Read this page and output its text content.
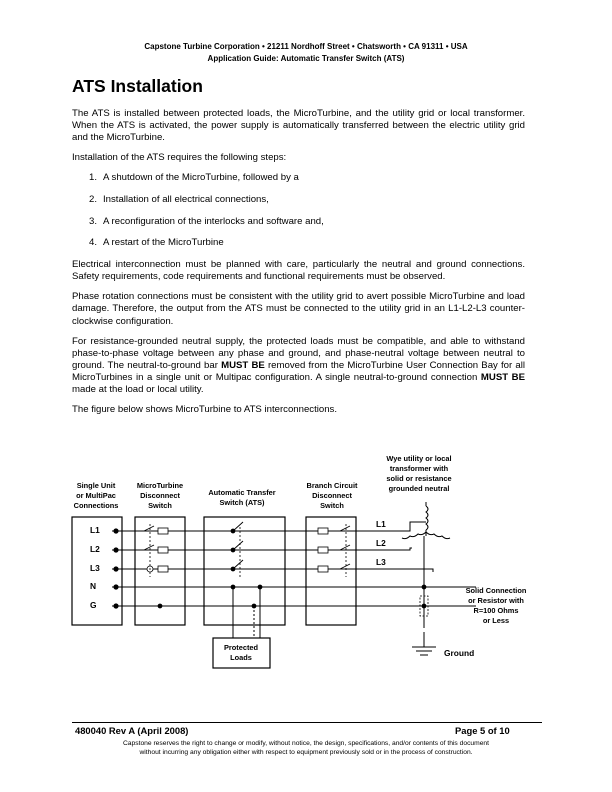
Capstone Turbine Corporation • 21211 Nordhoff Street • Chatsworth • CA 91311 • USA
Application Guide: Automatic Transfer Switch (ATS)
ATS Installation

The ATS is installed between protected loads, the MicroTurbine, and the utility grid or local transformer. When the ATS is activated, the power supply is automatically transferred between the electric utility grid and the MicroTurbine.

Installation of the ATS requires the following steps:

1. A shutdown of the MicroTurbine, followed by a
2. Installation of all electrical connections,
3. A reconfiguration of the interlocks and software and,
4. A restart of the MicroTurbine

Electrical interconnection must be planned with care, particularly the neutral and ground connections. Safety requirements, code requirements and functional requirements must be observed.

Phase rotation connections must be consistent with the utility grid to avert possible MicroTurbine and load damage. Therefore, the output from the ATS must be connected to the utility grid in an L1-L2-L3 counter-clockwise configuration.

For resistance-grounded neutral supply, the protected loads must be compatible, and able to withstand phase-to-phase voltage between any phase and ground, and phase-neutral voltage between neutral to ground. The neutral-to-ground bar MUST BE removed from the MicroTurbine User Connection Bay for all MicroTurbines in a single unit or Multipac configuration. A single neutral-to-ground connection MUST BE made at the load or local utility.

The figure below shows MicroTurbine to ATS interconnections.

Single Unit or MultiPac Connections
MicroTurbine Disconnect Switch
Automatic Transfer Switch (ATS)
Branch Circuit Disconnect Switch
Wye utility or local transformer with solid or resistance grounded neutral
L1
L2
L3
N
G
L1
L2
L3
Solid Connection or Resistor with R=100 Ohms or Less
Protected Loads	Ground
480040 Rev A (April 2008)	Page 5 of 10
Capstone reserves the right to change or modify, without notice, the design, specifications, and/or contents of this document
without incurring any obligation either with respect to equipment previously sold or in the process of construction.
